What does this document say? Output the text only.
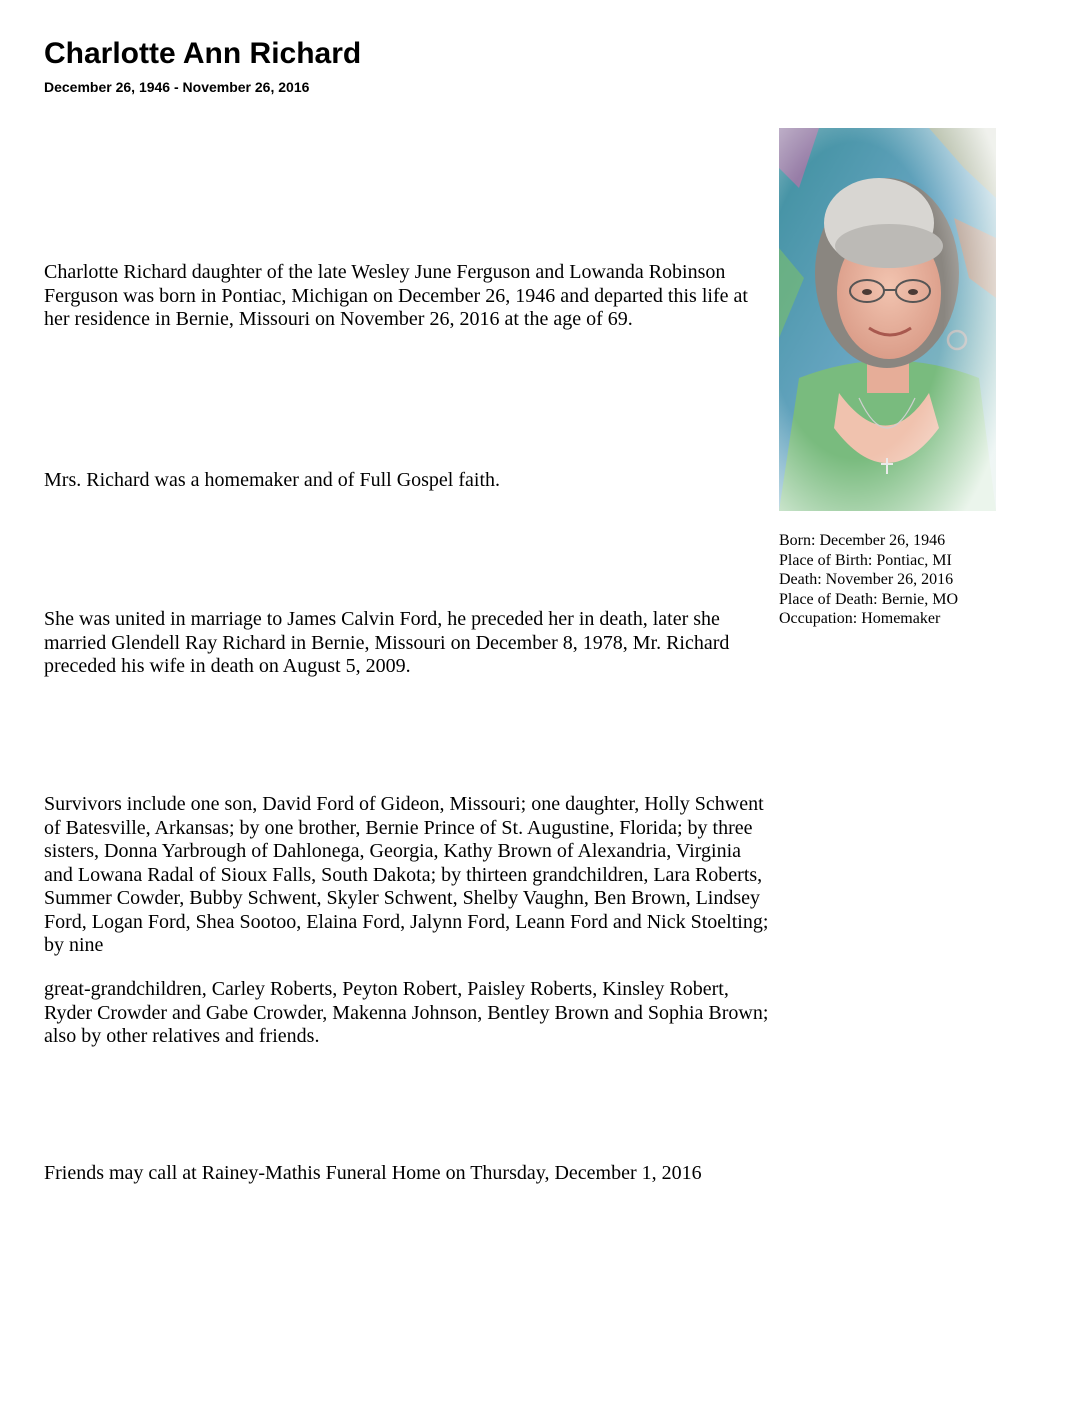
Charlotte Ann Richard
December 26, 1946 - November 26, 2016

Charlotte Richard daughter of the late Wesley June Ferguson and Lowanda Robinson Ferguson was born in Pontiac, Michigan on December 26, 1946 and departed this life at her residence in Bernie, Missouri on November 26, 2016 at the age of 69.

Mrs. Richard was a homemaker and of Full Gospel faith.

She was united in marriage to James Calvin Ford, he preceded her in death, later she married Glendell Ray Richard in Bernie, Missouri on December 8, 1978, Mr. Richard preceded his wife in death on August 5, 2009.

Survivors include one son, David Ford of Gideon, Missouri; one daughter, Holly Schwent of Batesville, Arkansas; by one brother, Bernie Prince of St. Augustine, Florida; by three sisters, Donna Yarbrough of Dahlonega, Georgia, Kathy Brown of Alexandria, Virginia and Lowana Radal of Sioux Falls, South Dakota; by thirteen grandchildren, Lara Roberts, Summer Cowder, Bubby Schwent, Skyler Schwent, Shelby Vaughn, Ben Brown, Lindsey Ford, Logan Ford, Shea Sootoo, Elaina Ford, Jalynn Ford, Leann Ford and Nick Stoelting; by nine

great-grandchildren, Carley Roberts, Peyton Robert, Paisley Roberts, Kinsley Robert, Ryder Crowder and Gabe Crowder, Makenna Johnson, Bentley Brown and Sophia Brown; also by other relatives and friends.

Friends may call at Rainey-Mathis Funeral Home on Thursday, December 1, 2016

Born: December 26, 1946
Place of Birth: Pontiac, MI
Death: November 26, 2016
Place of Death: Bernie, MO
Occupation: Homemaker
